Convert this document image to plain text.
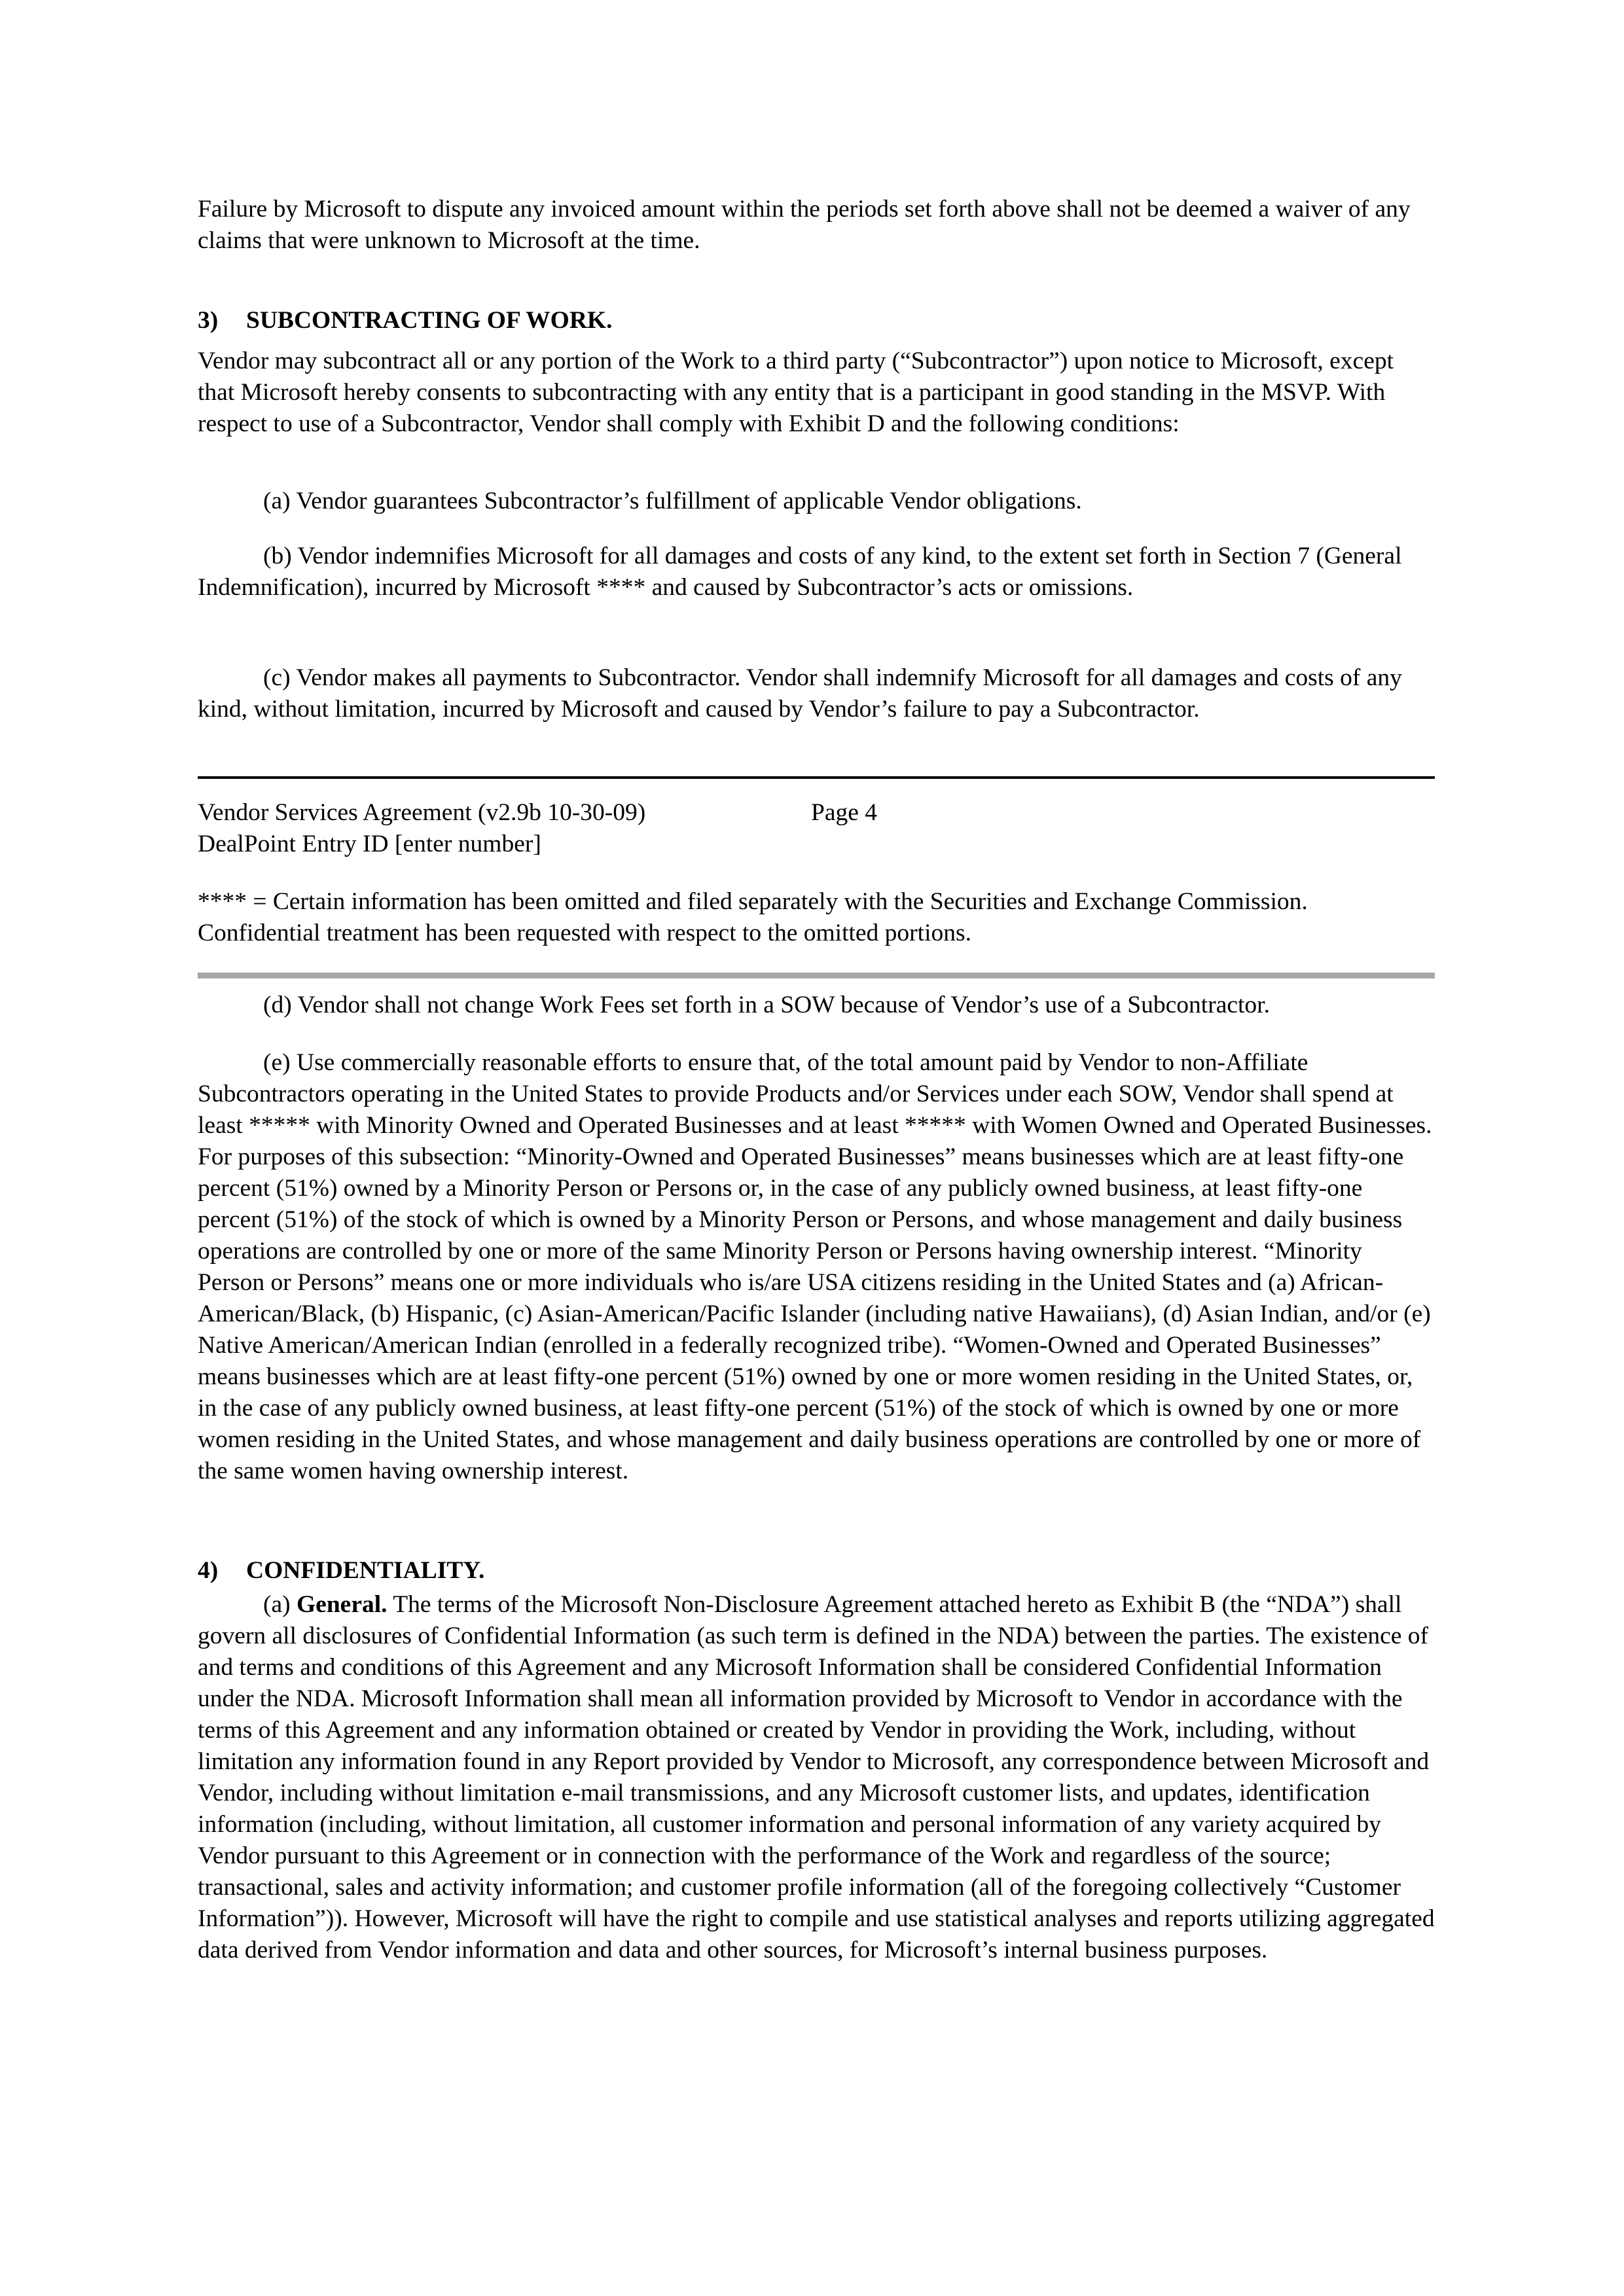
Failure by Microsoft to dispute any invoiced amount within the periods set forth above shall not be deemed a waiver of any claims that were unknown to Microsoft at the time.

3) SUBCONTRACTING OF WORK.

Vendor may subcontract all or any portion of the Work to a third party (“Subcontractor”) upon notice to Microsoft, except that Microsoft hereby consents to subcontracting with any entity that is a participant in good standing in the MSVP. With respect to use of a Subcontractor, Vendor shall comply with Exhibit D and the following conditions:

(a) Vendor guarantees Subcontractor’s fulfillment of applicable Vendor obligations.

(b) Vendor indemnifies Microsoft for all damages and costs of any kind, to the extent set forth in Section 7 (General Indemnification), incurred by Microsoft **** and caused by Subcontractor’s acts or omissions.

(c) Vendor makes all payments to Subcontractor. Vendor shall indemnify Microsoft for all damages and costs of any kind, without limitation, incurred by Microsoft and caused by Vendor’s failure to pay a Subcontractor.

Vendor Services Agreement (v2.9b 10-30-09)	Page 4
DealPoint Entry ID [enter number]

**** = Certain information has been omitted and filed separately with the Securities and Exchange Commission. Confidential treatment has been requested with respect to the omitted portions.

(d) Vendor shall not change Work Fees set forth in a SOW because of Vendor’s use of a Subcontractor.

(e) Use commercially reasonable efforts to ensure that, of the total amount paid by Vendor to non-Affiliate Subcontractors operating in the United States to provide Products and/or Services under each SOW, Vendor shall spend at least ***** with Minority Owned and Operated Businesses and at least ***** with Women Owned and Operated Businesses. For purposes of this subsection: “Minority-Owned and Operated Businesses” means businesses which are at least fifty-one percent (51%) owned by a Minority Person or Persons or, in the case of any publicly owned business, at least fifty-one percent (51%) of the stock of which is owned by a Minority Person or Persons, and whose management and daily business operations are controlled by one or more of the same Minority Person or Persons having ownership interest. “Minority Person or Persons” means one or more individuals who is/are USA citizens residing in the United States and (a) African-American/Black, (b) Hispanic, (c) Asian-American/Pacific Islander (including native Hawaiians), (d) Asian Indian, and/or (e) Native American/American Indian (enrolled in a federally recognized tribe). “Women-Owned and Operated Businesses” means businesses which are at least fifty-one percent (51%) owned by one or more women residing in the United States, or, in the case of any publicly owned business, at least fifty-one percent (51%) of the stock of which is owned by one or more women residing in the United States, and whose management and daily business operations are controlled by one or more of the same women having ownership interest.

4) CONFIDENTIALITY.

(a) General. The terms of the Microsoft Non-Disclosure Agreement attached hereto as Exhibit B (the “NDA”) shall govern all disclosures of Confidential Information (as such term is defined in the NDA) between the parties. The existence of and terms and conditions of this Agreement and any Microsoft Information shall be considered Confidential Information under the NDA. Microsoft Information shall mean all information provided by Microsoft to Vendor in accordance with the terms of this Agreement and any information obtained or created by Vendor in providing the Work, including, without limitation any information found in any Report provided by Vendor to Microsoft, any correspondence between Microsoft and Vendor, including without limitation e-mail transmissions, and any Microsoft customer lists, and updates, identification information (including, without limitation, all customer information and personal information of any variety acquired by Vendor pursuant to this Agreement or in connection with the performance of the Work and regardless of the source; transactional, sales and activity information; and customer profile information (all of the foregoing collectively “Customer Information”)). However, Microsoft will have the right to compile and use statistical analyses and reports utilizing aggregated data derived from Vendor information and data and other sources, for Microsoft’s internal business purposes.
